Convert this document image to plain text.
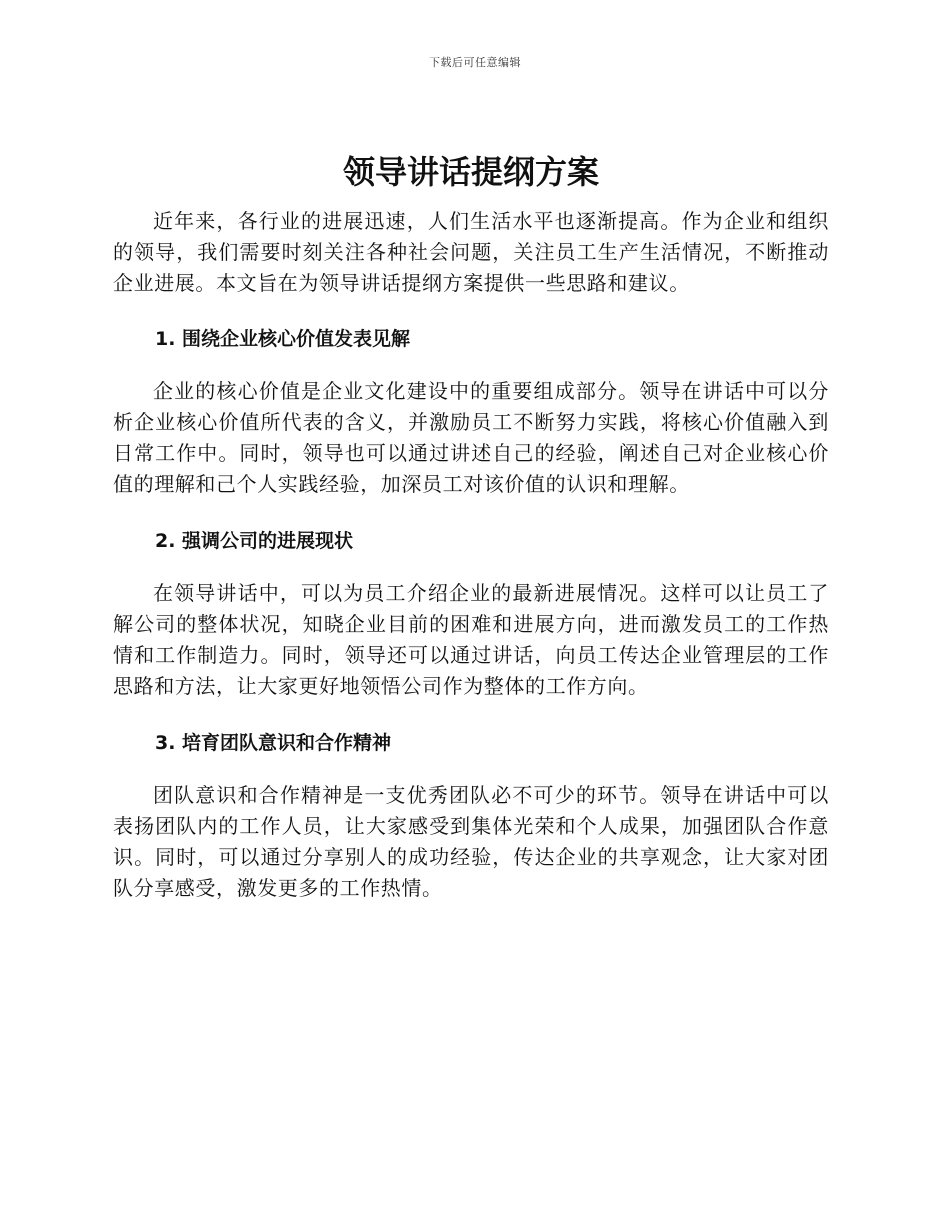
下载后可任意编辑
领导讲话提纲方案

近年来，各行业的进展迅速，人们生活水平也逐渐提高。作为企业和组织的领导，我们需要时刻关注各种社会问题，关注员工生产生活情况，不断推动企业进展。本文旨在为领导讲话提纲方案提供一些思路和建议。

1. 围绕企业核心价值发表见解

企业的核心价值是企业文化建设中的重要组成部分。领导在讲话中可以分析企业核心价值所代表的含义，并激励员工不断努力实践，将核心价值融入到日常工作中。同时，领导也可以通过讲述自己的经验，阐述自己对企业核心价值的理解和己个人实践经验，加深员工对该价值的认识和理解。

2. 强调公司的进展现状

在领导讲话中，可以为员工介绍企业的最新进展情况。这样可以让员工了解公司的整体状况，知晓企业目前的困难和进展方向，进而激发员工的工作热情和工作制造力。同时，领导还可以通过讲话，向员工传达企业管理层的工作思路和方法，让大家更好地领悟公司作为整体的工作方向。

3. 培育团队意识和合作精神

团队意识和合作精神是一支优秀团队必不可少的环节。领导在讲话中可以表扬团队内的工作人员，让大家感受到集体光荣和个人成果，加强团队合作意识。同时，可以通过分享别人的成功经验，传达企业的共享观念，让大家对团队分享感受，激发更多的工作热情。
